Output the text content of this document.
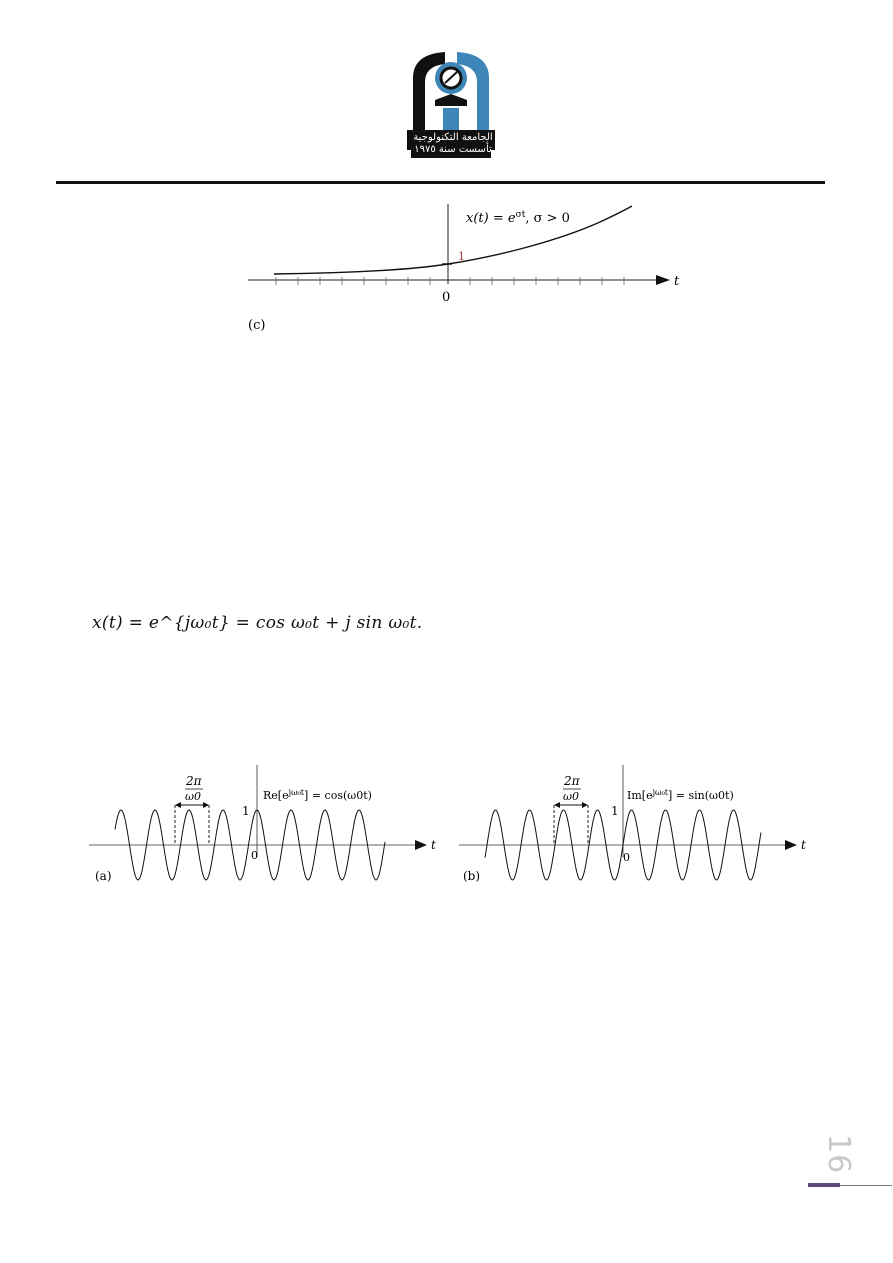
الجامعة التكنولوجية تأسست سنة ١٩٧٥ م
1
0
t
$x(t) = e^{\sigma t}$, σ > 0
(c)
x(t) = e^{jω₀t} = cos ω₀t + j sin ω₀t.
2π
ω0
1
0
t
$Re[e^{j\omega_0t}] = \cos(\omega 0t)$
(a)
2π
ω0
1
0
t
$Im[e^{j\omega_0t}] = \sin(\omega 0t)$
(b)
16
